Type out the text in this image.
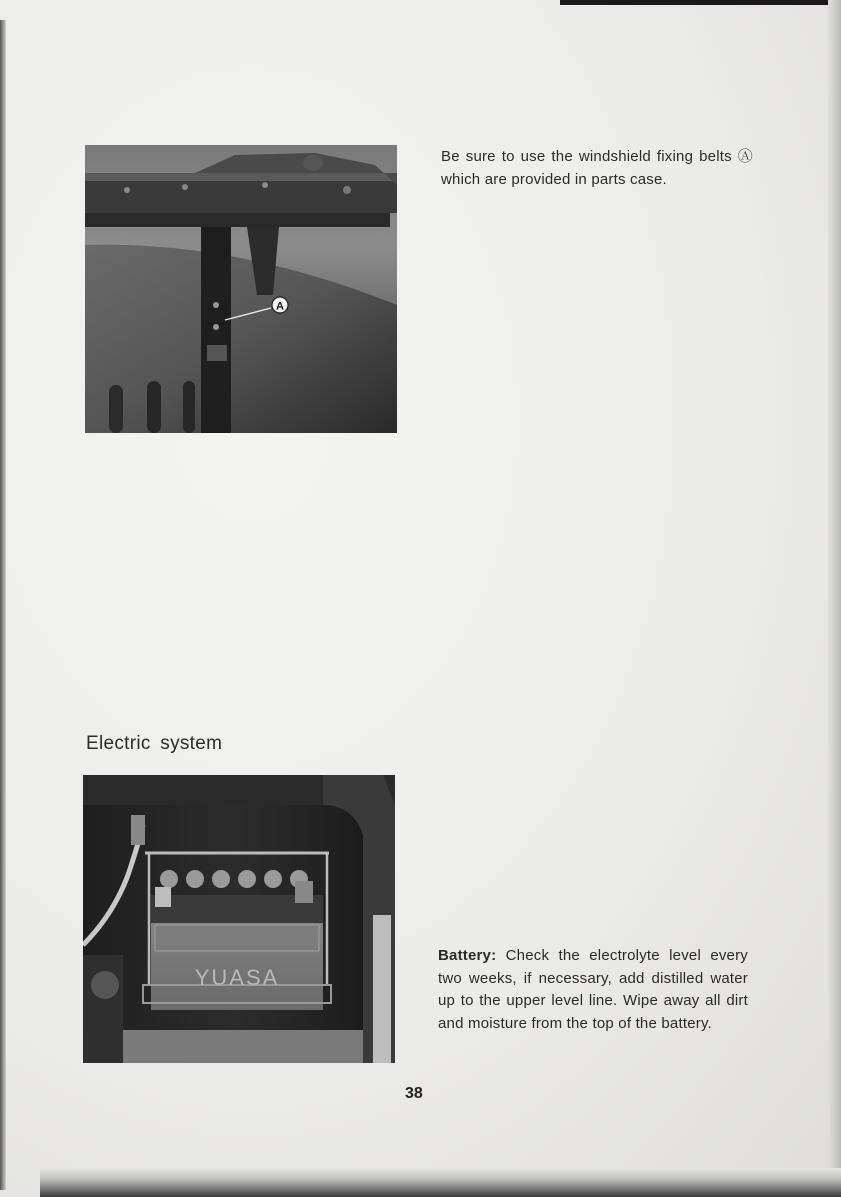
A

Be sure to use the windshield fixing belts Ⓐ which are provided in parts case.

Electric system
YUASA

Battery: Check the electrolyte level every two weeks, if necessary, add distilled water up to the upper level line. Wipe away all dirt and moisture from the top of the battery.

38
